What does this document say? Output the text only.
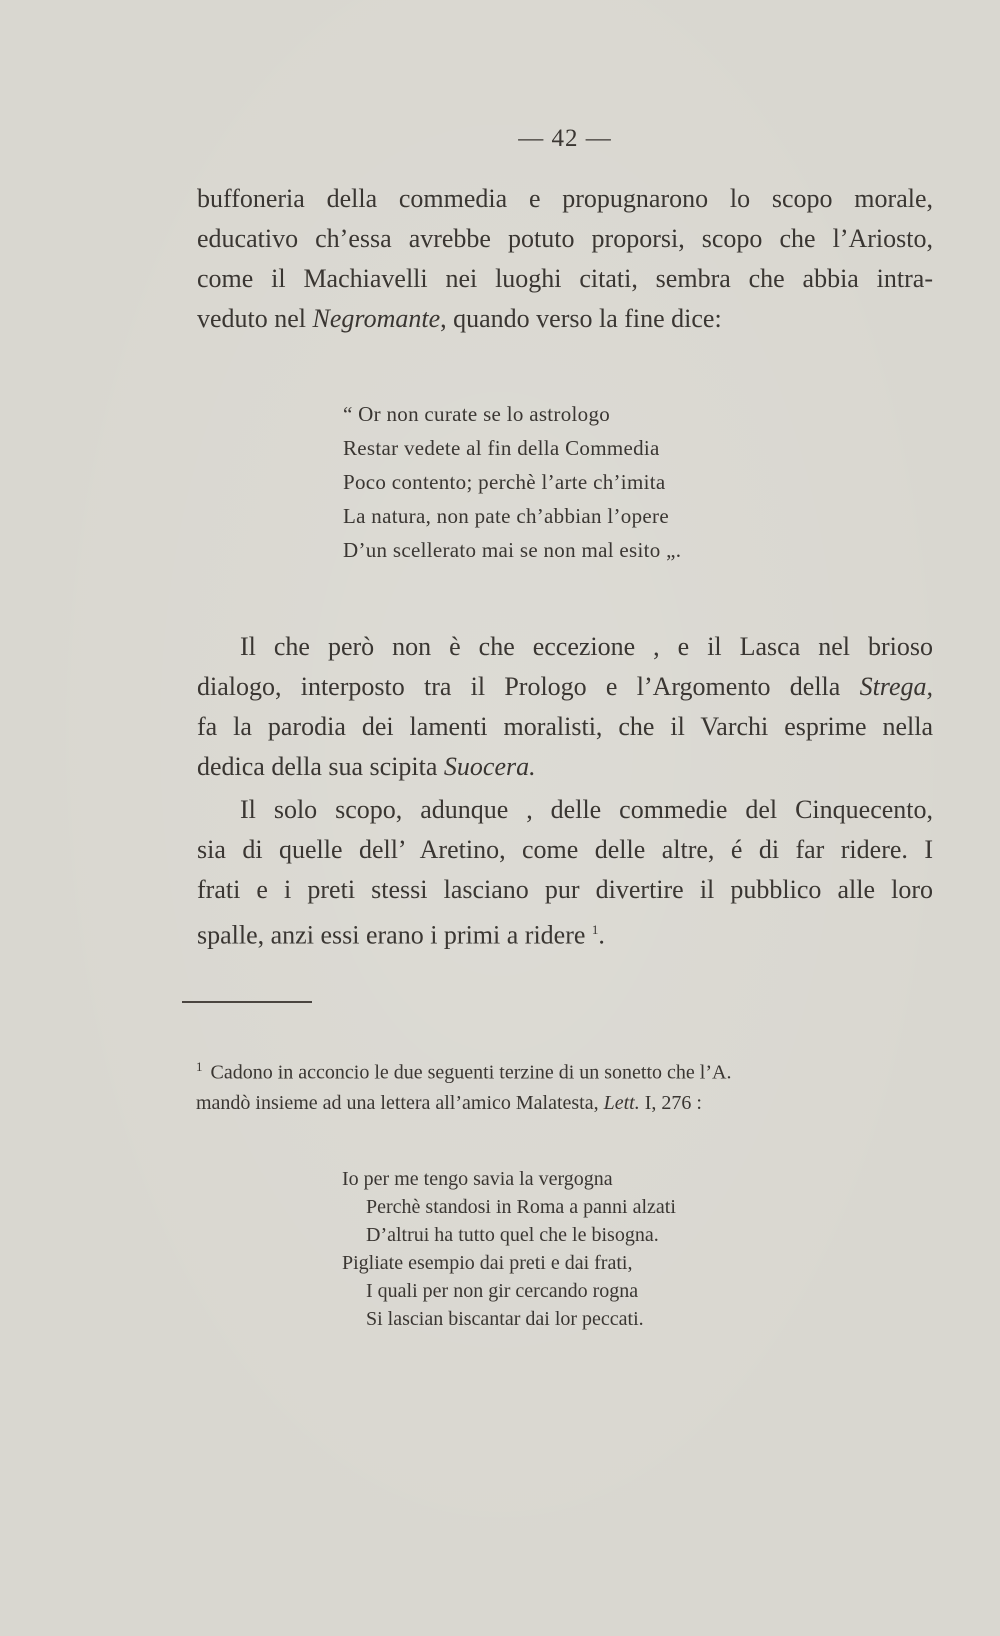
— 42 —
buffoneria della commedia e propugnarono lo scopo morale,
educativo ch’essa avrebbe potuto proporsi, scopo che l’Ariosto,
come il Machiavelli nei luoghi citati, sembra che abbia intra-
veduto nel Negromante, quando verso la fine dice:
“ Or non curate se lo astrologo
Restar vedete al fin della Commedia
Poco contento; perchè l’arte ch’imita
La natura, non pate ch’abbian l’opere
D’un scellerato mai se non mal esito „.
Il che però non è che eccezione , e il Lasca nel brioso
dialogo, interposto tra il Prologo e l’Argomento della Strega,
fa la parodia dei lamenti moralisti, che il Varchi esprime nella
dedica della sua scipita Suocera.
Il solo scopo, adunque , delle commedie del Cinquecento,
sia di quelle dell’ Aretino, come delle altre, é di far ridere. I
frati e i preti stessi lasciano pur divertire il pubblico alle loro
spalle, anzi essi erano i primi a ridere $^1$.
$^1$ Cadono in acconcio le due seguenti terzine di un sonetto che l’A.
mandò insieme ad una lettera all’amico Malatesta, Lett. I, 276 :
Io per me tengo savia la vergogna
Perchè standosi in Roma a panni alzati
D’altrui ha tutto quel che le bisogna.
Pigliate esempio dai preti e dai frati,
I quali per non gir cercando rogna
Si lascian biscantar dai lor peccati.
